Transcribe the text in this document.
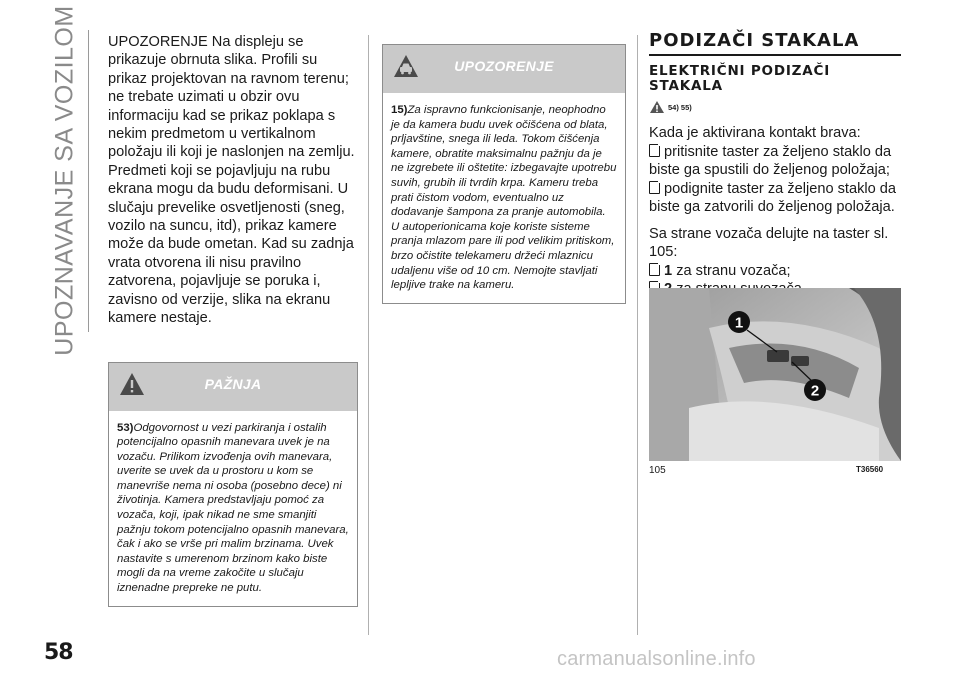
UPOZNAVANJE SA VOZILOM
58

UPOZORENJE Na displeju se prikazuje obrnuta slika. Profili su prikaz projektovan na ravnom terenu; ne trebate uzimati u obzir ovu informaciju kad se prikaz poklapa s nekim predmetom u vertikalnom položaju ili koji je naslonjen na zemlju. Predmeti koji se pojavljuju na rubu ekrana mogu da budu deformisani. U slučaju prevelike osvetljenosti (sneg, vozilo na suncu, itd), prikaz kamere može da bude ometan. Kad su zadnja vrata otvorena ili nisu pravilno zatvorena, pojavljuje se poruka i, zavisno od verzije, slika na ekranu kamere nestaje.

PAŽNJA

53)Odgovornost u vezi parkiranja i ostalih potencijalno opasnih manevara uvek je na vozaču. Prilikom izvođenja ovih manevara, uverite se uvek da u prostoru u kom se manevriše nema ni osoba (posebno dece) ni životinja. Kamera predstavljaju pomoć za vozača, koji, ipak nikad ne sme smanjiti pažnju tokom potencijalno opasnih manevara, čak i ako se vrše pri malim brzinama. Uvek nastavite s umerenom brzinom kako biste mogli da na vreme zakočite u slučaju iznenadne prepreke ne putu.

UPOZORENJE

15)Za ispravno funkcionisanje, neophodno je da kamera budu uvek očišćena od blata, prljavštine, snega ili leda. Tokom čišćenja kamere, obratite maksimalnu pažnju da je ne izgrebete ili oštetite: izbegavajte upotrebu suvih, grubih ili tvrdih krpa. Kameru treba prati čistom vodom, eventualno uz dodavanje šampona za pranje automobila. U autoperionicama koje koriste sisteme pranja mlazom pare ili pod velikim pritiskom, brzo očistite telekameru držeći mlaznicu udaljenu više od 10 cm. Nemojte stavljati lepljive trake na kameru.

PODIZAČI STAKALA
ELEKTRIČNI PODIZAČI STAKALA
54) 55)

Kada je aktivirana kontakt brava:

pritisnite taster za željeno staklo da biste ga spustili do željenog položaja;

podignite taster za željeno staklo da biste ga zatvorili do željenog položaja.

Sa strane vozača delujte na taster sl. 105:

1 za stranu vozača;

1
2
105	T36560
carmanualsonline.info
